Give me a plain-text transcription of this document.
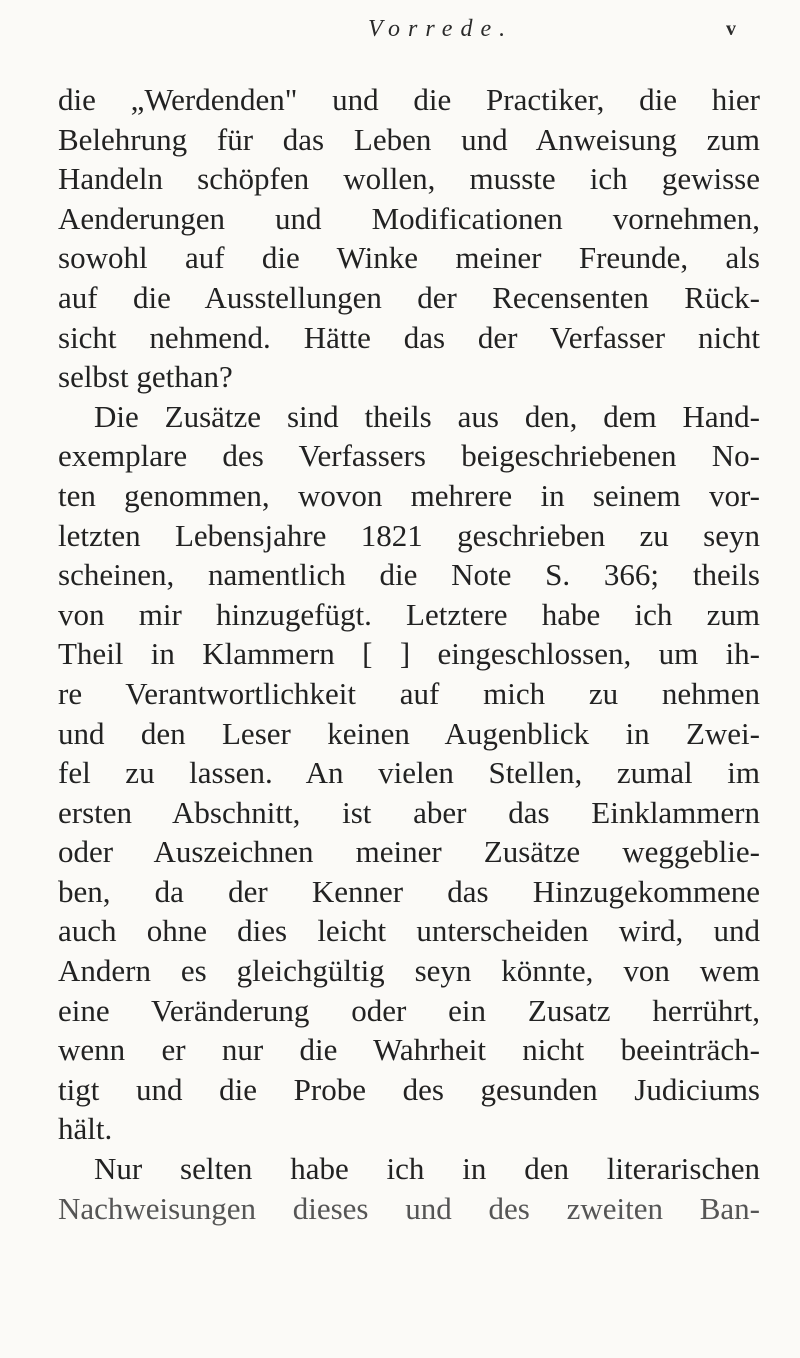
Vorrede.	v
die „Werdenden" und die Practiker, die hier
Belehrung für das Leben und Anweisung zum
Handeln schöpfen wollen, musste ich gewisse
Aenderungen und Modificationen vornehmen,
sowohl auf die Winke meiner Freunde, als
auf die Ausstellungen der Recensenten Rück-
sicht nehmend. Hätte das der Verfasser nicht
selbst gethan?
Die Zusätze sind theils aus den, dem Hand-
exemplare des Verfassers beigeschriebenen No-
ten genommen, wovon mehrere in seinem vor-
letzten Lebensjahre 1821 geschrieben zu seyn
scheinen, namentlich die Note S. 366; theils
von mir hinzugefügt. Letztere habe ich zum
Theil in Klammern [ ] eingeschlossen, um ih-
re Verantwortlichkeit auf mich zu nehmen
und den Leser keinen Augenblick in Zwei-
fel zu lassen. An vielen Stellen, zumal im
ersten Abschnitt, ist aber das Einklammern
oder Auszeichnen meiner Zusätze weggeblie-
ben, da der Kenner das Hinzugekommene
auch ohne dies leicht unterscheiden wird, und
Andern es gleichgültig seyn könnte, von wem
eine Veränderung oder ein Zusatz herrührt,
wenn er nur die Wahrheit nicht beeinträch-
tigt und die Probe des gesunden Judiciums
hält.
Nur selten habe ich in den literarischen
Nachweisungen dieses und des zweiten Ban-
